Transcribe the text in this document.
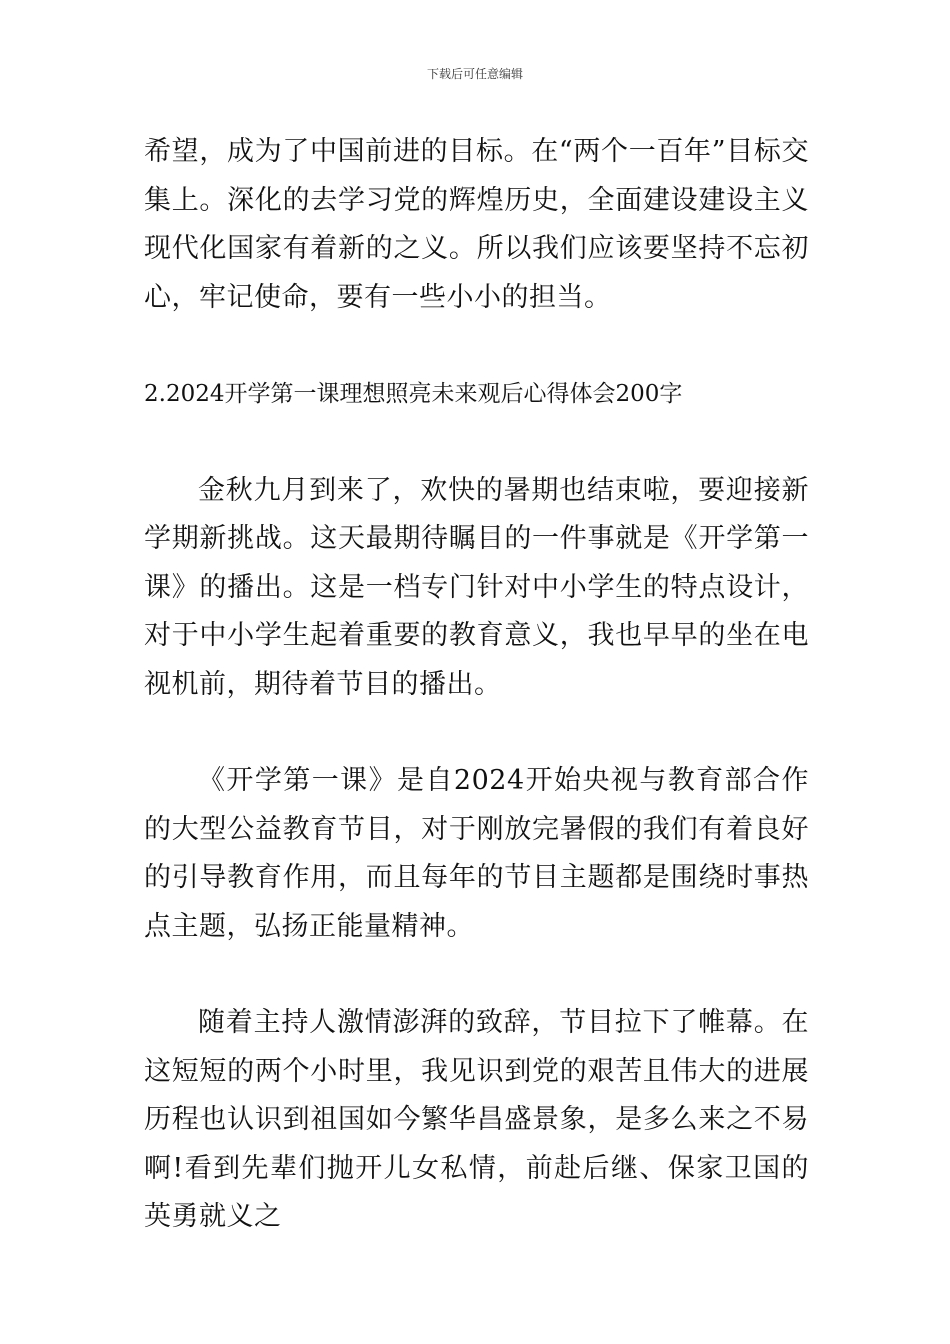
下载后可任意编辑

希望，成为了中国前进的目标。在“两个一百年”目标交集上。深化的去学习党的辉煌历史，全面建设建设主义现代化国家有着新的之义。所以我们应该要坚持不忘初心，牢记使命，要有一些小小的担当。

2.2024开学第一课理想照亮未来观后心得体会200字

金秋九月到来了，欢快的暑期也结束啦，要迎接新学期新挑战。这天最期待瞩目的一件事就是《开学第一课》的播出。这是一档专门针对中小学生的特点设计，对于中小学生起着重要的教育意义，我也早早的坐在电视机前，期待着节目的播出。

《开学第一课》是自2024开始央视与教育部合作的大型公益教育节目，对于刚放完暑假的我们有着良好的引导教育作用，而且每年的节目主题都是围绕时事热点主题，弘扬正能量精神。

随着主持人激情澎湃的致辞，节目拉下了帷幕。在这短短的两个小时里，我见识到党的艰苦且伟大的进展历程也认识到祖国如今繁华昌盛景象，是多么来之不易啊!看到先辈们抛开儿女私情，前赴后继、保家卫国的英勇就义之
